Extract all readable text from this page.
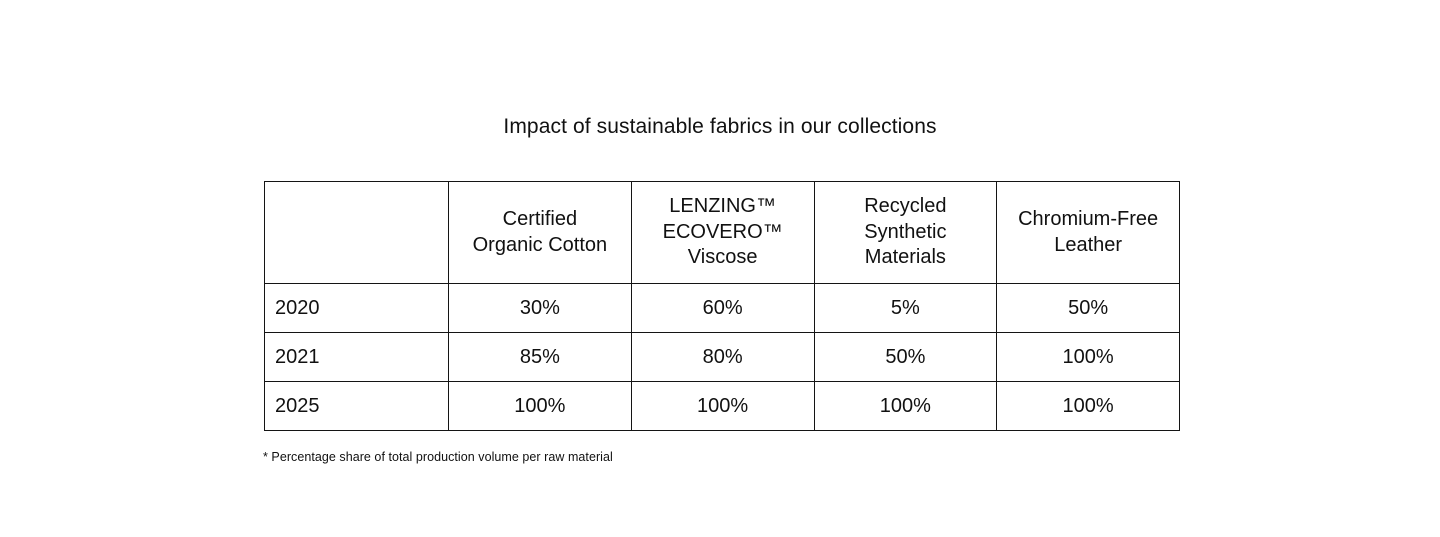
Impact of sustainable fabrics in our collections

	Certified
Organic Cotton	LENZING™
ECOVERO™
Viscose	Recycled
Synthetic
Materials	Chromium-Free
Leather

2020	30%	60%	5%	50%
2021	85%	80%	50%	100%
2025	100%	100%	100%	100%
* Percentage share of total production volume per raw material
